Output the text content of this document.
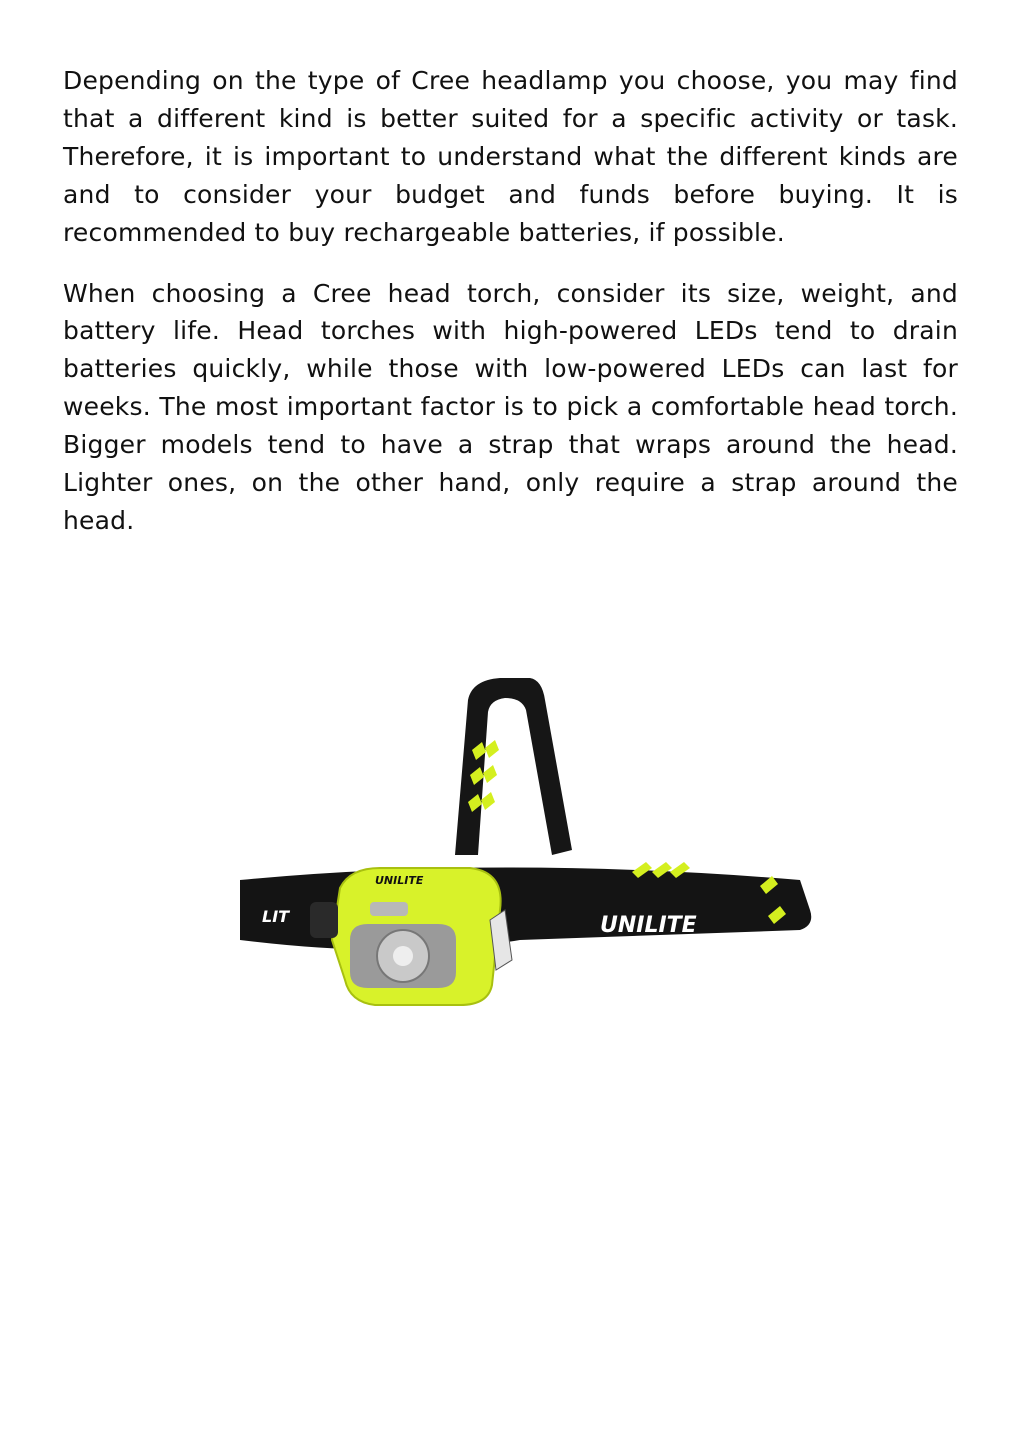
Depending on the type of Cree headlamp you choose, you may find that a different kind is better suited for a specific activity or task. Therefore, it is important to understand what the different kinds are and to consider your budget and funds before buying. It is recommended to buy rechargeable batteries, if possible.

When choosing a Cree head torch, consider its size, weight, and battery life. Head torches with high-powered LEDs tend to drain batteries quickly, while those with low-powered LEDs can last for weeks. The most important factor is to pick a comfortable head torch. Bigger models tend to have a strap that wraps around the head. Lighter ones, on the other hand, only require a strap around the head.

UNILITE
LIT
UNILITE
